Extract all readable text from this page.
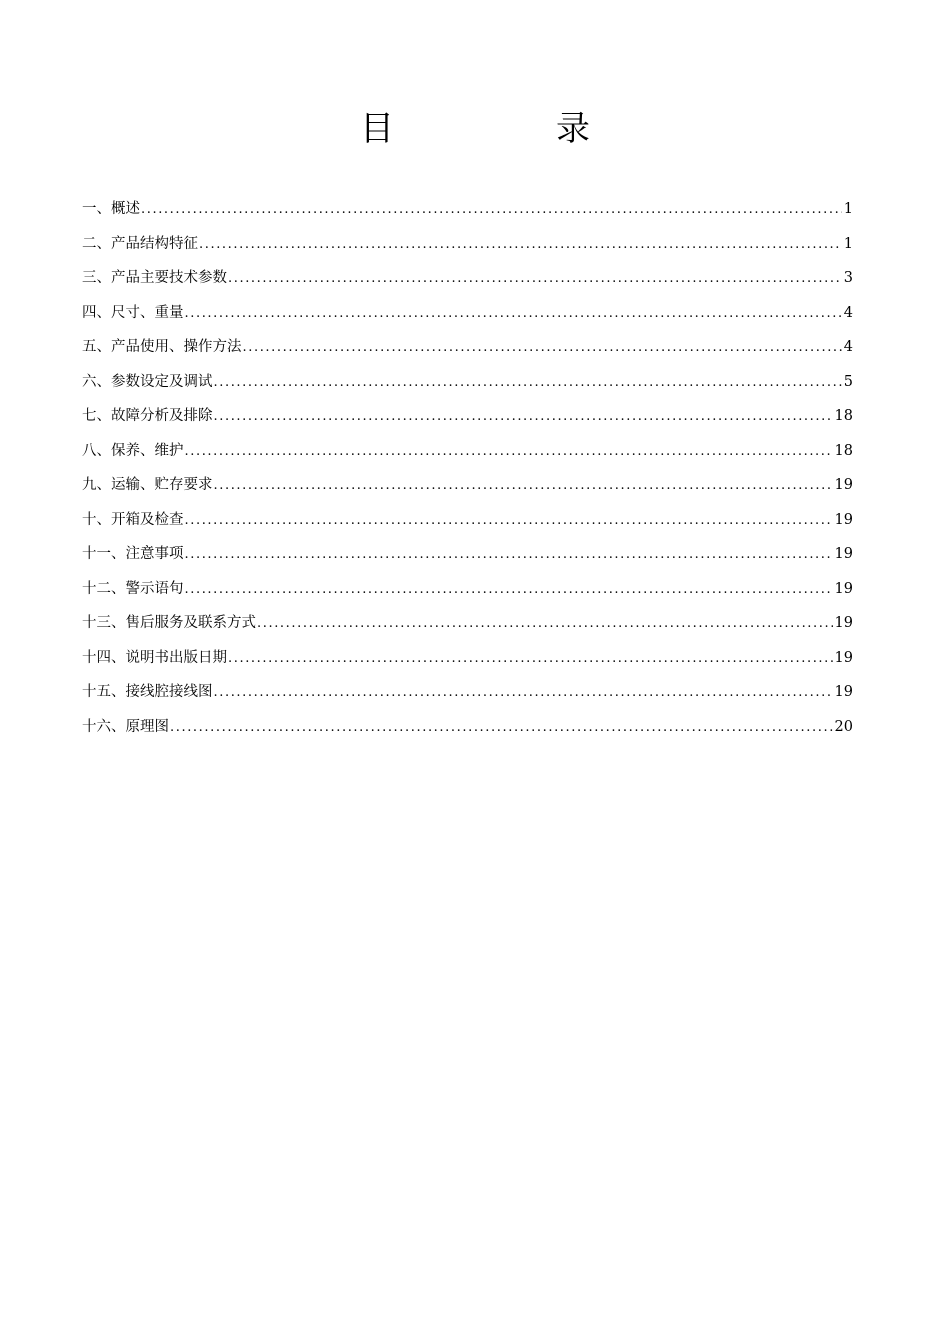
目　录
一、概述 .....	1
二、产品结构特征 .....	1
三、产品主要技术参数 .....	3
四、尺寸、重量 .....	4
五、产品使用、操作方法 .....	4
六、参数设定及调试 .....	5
七、故障分析及排除 .....	18
八、保养、维护 .....	18
九、运输、贮存要求 .....	19
十、开箱及检查 .....	19
十一、注意事项 .....	19
十二、警示语句 .....	19
十三、售后服务及联系方式 .....	19
十四、说明书出版日期 .....	19
十五、接线腔接线图 .....	19
十六、原理图 .....	20
